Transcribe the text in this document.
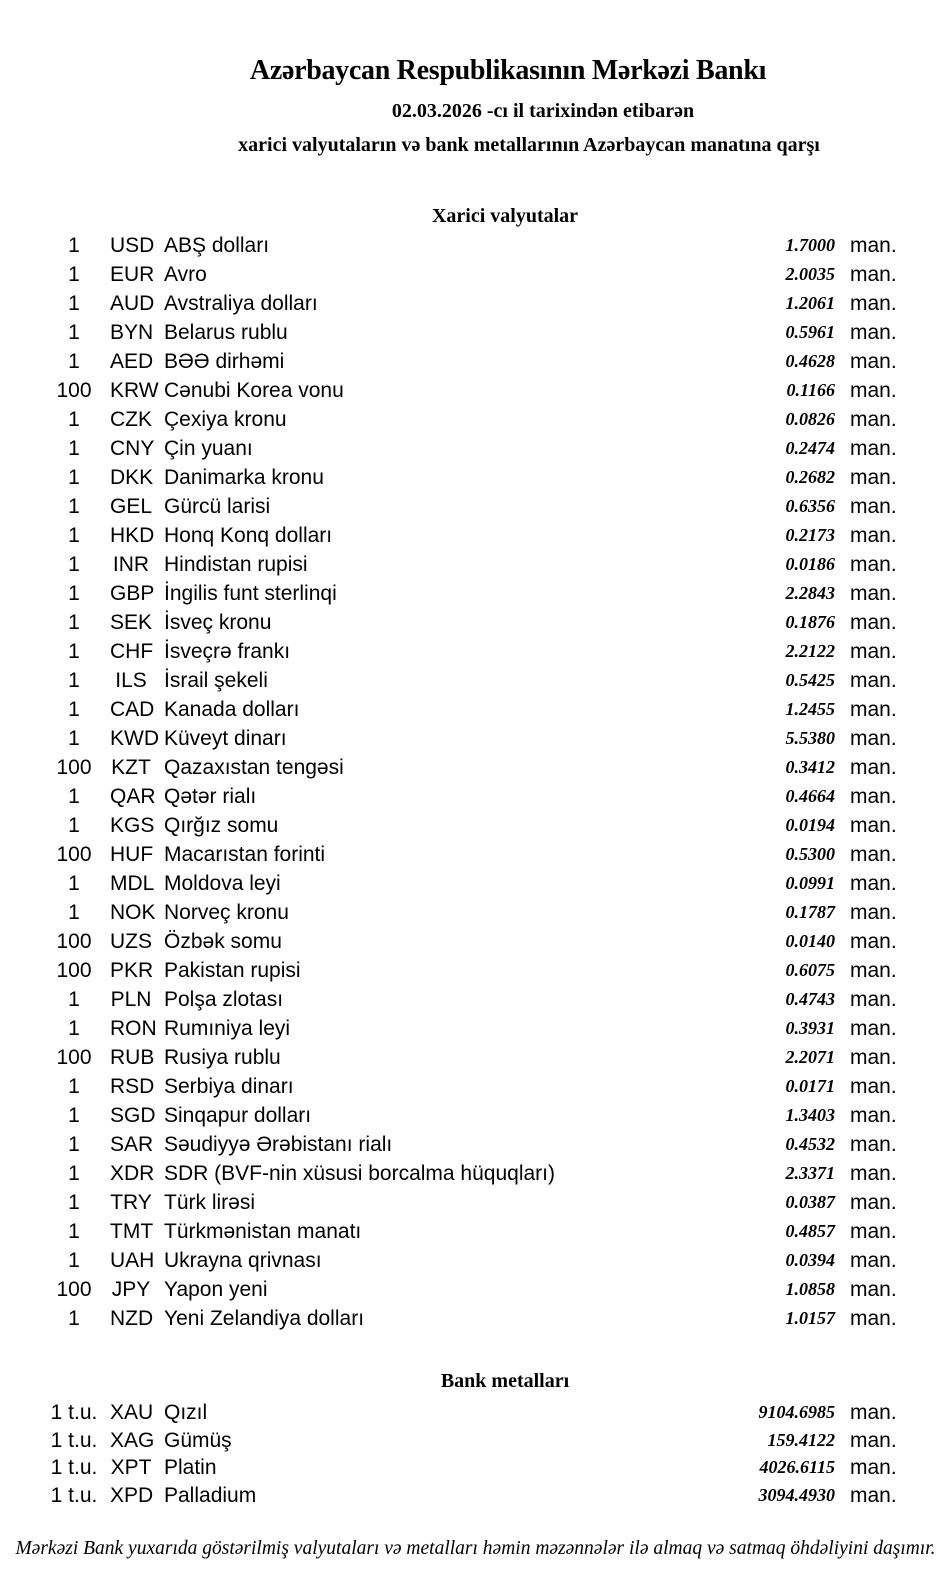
Azərbaycan Respublikasının Mərkəzi Bankı
02.03.2026 -cı il tarixindən etibarən
xarici valyutaların və bank metallarının Azərbaycan manatına qarşı
Xarici valyutalar
1	USD ABŞ dolları	1.7000 man.
1	EUR Avro	2.0035 man.
1	AUD Avstraliya dolları	1.2061 man.
1	BYN Belarus rublu	0.5961 man.
1	AED BƏƏ dirhəmi	0.4628 man.
100 KRW Cənubi Korea vonu	0.1166 man.
1	CZK Çexiya kronu	0.0826 man.
1	CNY Çin yuanı	0.2474 man.
1	DKK Danimarka kronu	0.2682 man.
1	GEL Gürcü larisi	0.6356 man.
1	HKD Honq Konq dolları	0.2173 man.
1	INR Hindistan rupisi	0.0186 man.
1	GBP İngilis funt sterlinqi	2.2843 man.
1	SEK İsveç kronu	0.1876 man.
1	CHF İsveçrə frankı	2.2122 man.
1	ILS İsrail şekeli	0.5425 man.
1	CAD Kanada dolları	1.2455 man.
1	KWD Küveyt dinarı	5.5380 man.
100 KZT Qazaxıstan tengəsi	0.3412 man.
1	QAR Qətər rialı	0.4664 man.
1	KGS Qırğız somu	0.0194 man.
100 HUF Macarıstan forinti	0.5300 man.
1	MDL Moldova leyi	0.0991 man.
1	NOK Norveç kronu	0.1787 man.
100 UZS Özbək somu	0.0140 man.
100 PKR Pakistan rupisi	0.6075 man.
1	PLN Polşa zlotası	0.4743 man.
1	RON Rumıniya leyi	0.3931 man.
100 RUB Rusiya rublu	2.2071 man.
1	RSD Serbiya dinarı	0.0171 man.
1	SGD Sinqapur dolları	1.3403 man.
1	SAR Səudiyyə Ərəbistanı rialı	0.4532 man.
1	XDR SDR (BVF-nin xüsusi borcalma hüquqları)	2.3371 man.
1	TRY Türk lirəsi	0.0387 man.
1	TMT Türkmənistan manatı	0.4857 man.
1	UAH Ukrayna qrivnası	0.0394 man.
100 JPY Yapon yeni	1.0858 man.
1	NZD Yeni Zelandiya dolları	1.0157 man.
Bank metalları
1 t.u. XAU Qızıl	9104.6985 man.
1 t.u. XAG Gümüş	159.4122 man.
1 t.u. XPT Platin	4026.6115 man.
1 t.u. XPD Palladium	3094.4930 man.
Mərkəzi Bank yuxarıda göstərilmiş valyutaları və metalları həmin məzənnələr ilə almaq və satmaq öhdəliyini daşımır.
